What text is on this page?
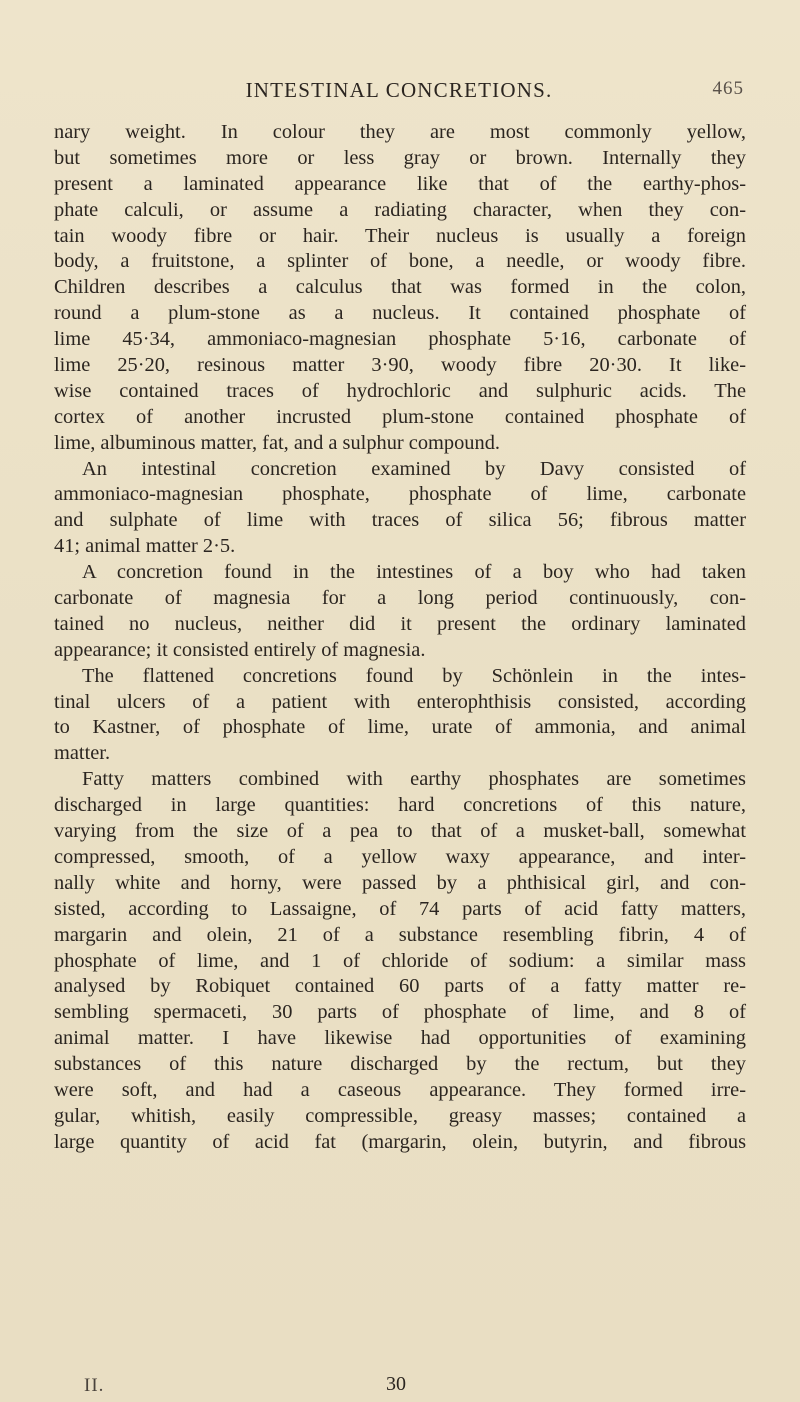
INTESTINAL CONCRETIONS.	465
nary weight. In colour they are most commonly yellow,
but sometimes more or less gray or brown. Internally they
present a laminated appearance like that of the earthy-phos-
phate calculi, or assume a radiating character, when they con-
tain woody fibre or hair. Their nucleus is usually a foreign
body, a fruitstone, a splinter of bone, a needle, or woody fibre.
Children describes a calculus that was formed in the colon,
round a plum-stone as a nucleus. It contained phosphate of
lime 45·34, ammoniaco-magnesian phosphate 5·16, carbonate of
lime 25·20, resinous matter 3·90, woody fibre 20·30. It like-
wise contained traces of hydrochloric and sulphuric acids. The
cortex of another incrusted plum-stone contained phosphate of
lime, albuminous matter, fat, and a sulphur compound.
An intestinal concretion examined by Davy consisted of
ammoniaco-magnesian phosphate, phosphate of lime, carbonate
and sulphate of lime with traces of silica 56; fibrous matter
41; animal matter 2·5.
A concretion found in the intestines of a boy who had taken
carbonate of magnesia for a long period continuously, con-
tained no nucleus, neither did it present the ordinary laminated
appearance; it consisted entirely of magnesia.
The flattened concretions found by Schönlein in the intes-
tinal ulcers of a patient with enterophthisis consisted, according
to Kastner, of phosphate of lime, urate of ammonia, and animal
matter.
Fatty matters combined with earthy phosphates are sometimes
discharged in large quantities: hard concretions of this nature,
varying from the size of a pea to that of a musket-ball, somewhat
compressed, smooth, of a yellow waxy appearance, and inter-
nally white and horny, were passed by a phthisical girl, and con-
sisted, according to Lassaigne, of 74 parts of acid fatty matters,
margarin and olein, 21 of a substance resembling fibrin, 4 of
phosphate of lime, and 1 of chloride of sodium: a similar mass
analysed by Robiquet contained 60 parts of a fatty matter re-
sembling spermaceti, 30 parts of phosphate of lime, and 8 of
animal matter. I have likewise had opportunities of examining
substances of this nature discharged by the rectum, but they
were soft, and had a caseous appearance. They formed irre-
gular, whitish, easily compressible, greasy masses; contained a
large quantity of acid fat (margarin, olein, butyrin, and fibrous
II.	30
